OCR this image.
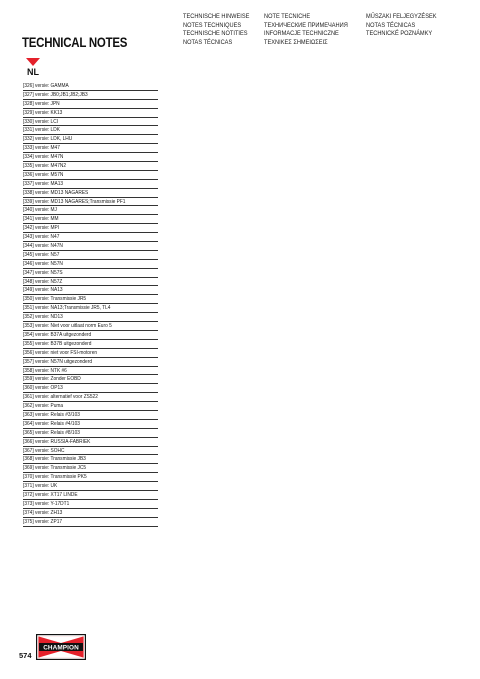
TECHNICAL NOTES
TECHNISCHE HINWEISE
NOTES TECHNIQUES
TECHNISCHE NOTITIES
NOTAS TÉCNICAS
NOTE TECNICHE
ТЕХНИЧЕСКИЕ ПРИМЕЧАНИЯ
INFORMACJE TECHNICZNE
ΤΕΧΝΙΚΕΣ ΣΗΜΕΙΩΣΕΙΣ
MŰSZAKI FELJEGYZÉSEK
NOTAS TÉCNICAS
TECHNICKÉ POZNÁMKY
NL
[326] versie: GAMMA
[327] versie: JB0;JB1;JB2;JB3
[328] versie: JPN
[329] versie: KK13
[330] versie: LCI
[331] versie: LDK
[332] versie: LDK, LHU
[333] versie: M47
[334] versie: M47N
[335] versie: M47N2
[336] versie: M57N
[337] versie: MA13
[338] versie: MD13 NAGARES
[339] versie: MD13 NAGARES;Transmissie PF1
[340] versie: MJ
[341] versie: MM
[342] versie: MPI
[343] versie: N47
[344] versie: N47N
[345] versie: N57
[346] versie: N57N
[347] versie: N57S
[348] versie: N57Z
[349] versie: NA13
[350] versie: Transmissie JR5
[351] versie: NA13;Transmissie JR5, TL4
[352] versie: ND13
[353] versie: Niet voor uitlaat norm Euro 5
[354] versie: B37A uitgezonderd
[355] versie: B37B uitgezonderd
[356] versie: niet voor FSI-motoren
[357] versie: N57N uitgezonderd
[358] versie: NTK #6
[359] versie: Zonder EOBD
[360] versie: OP13
[361] versie: alternatief voor ZS522
[362] versie: Puma
[363] versie: Relais #3/103
[364] versie: Relais #4/103
[365] versie: Relais #8/103
[366] versie: RUSSIA-FABRIEK
[367] versie: SOHC
[368] versie: Transmissie JB3
[369] versie: Transmissie JC5
[370] versie: Transmissie PK5
[371] versie: UK
[372] versie: XT17 LINDE
[373] versie: Y-17DT1
[374] versie: ZH13
[375] versie: ZP17
CHAMPION
574
